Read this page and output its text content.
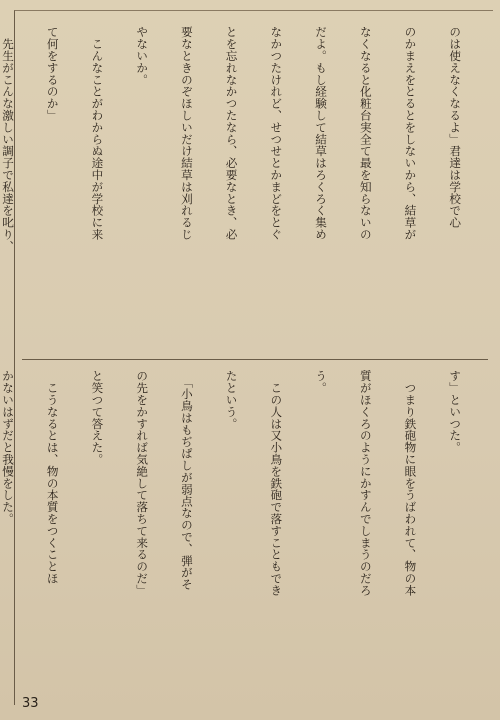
のは使えなくなるよ」君達は学校で心

のかまえをとるとをしないから、結草が

なくなると化粧台実全て最を知らないの

だよ。もし経験して結草はろくろく集め

なかつたけれど、せつせとかまどをとぐ

とを忘れなかつたなら、必要なとき、必

要なときのぞほしいだけ結草は刈れるじ

やないか。

　こんなことがわからぬ途中が学校に来

て何をするのか」

　先生がこんな激しい調子で私達を叱り、

す」といつた。

　つまり鉄砲物に眼をうばわれて、物の本

質がほくろのようにかすんでしまうのだろ

う。

　この人は又小鳥を鉄砲で落すこともでき

たという。

　「小鳥はもぢぱしが弱点なので、弾がそ

の先をかすれば気絶して落ちて来るのだ」

と笑つて答えた。

　こうなるとは、物の本質をつくことほ

かないはずだと我慢をした。

33
